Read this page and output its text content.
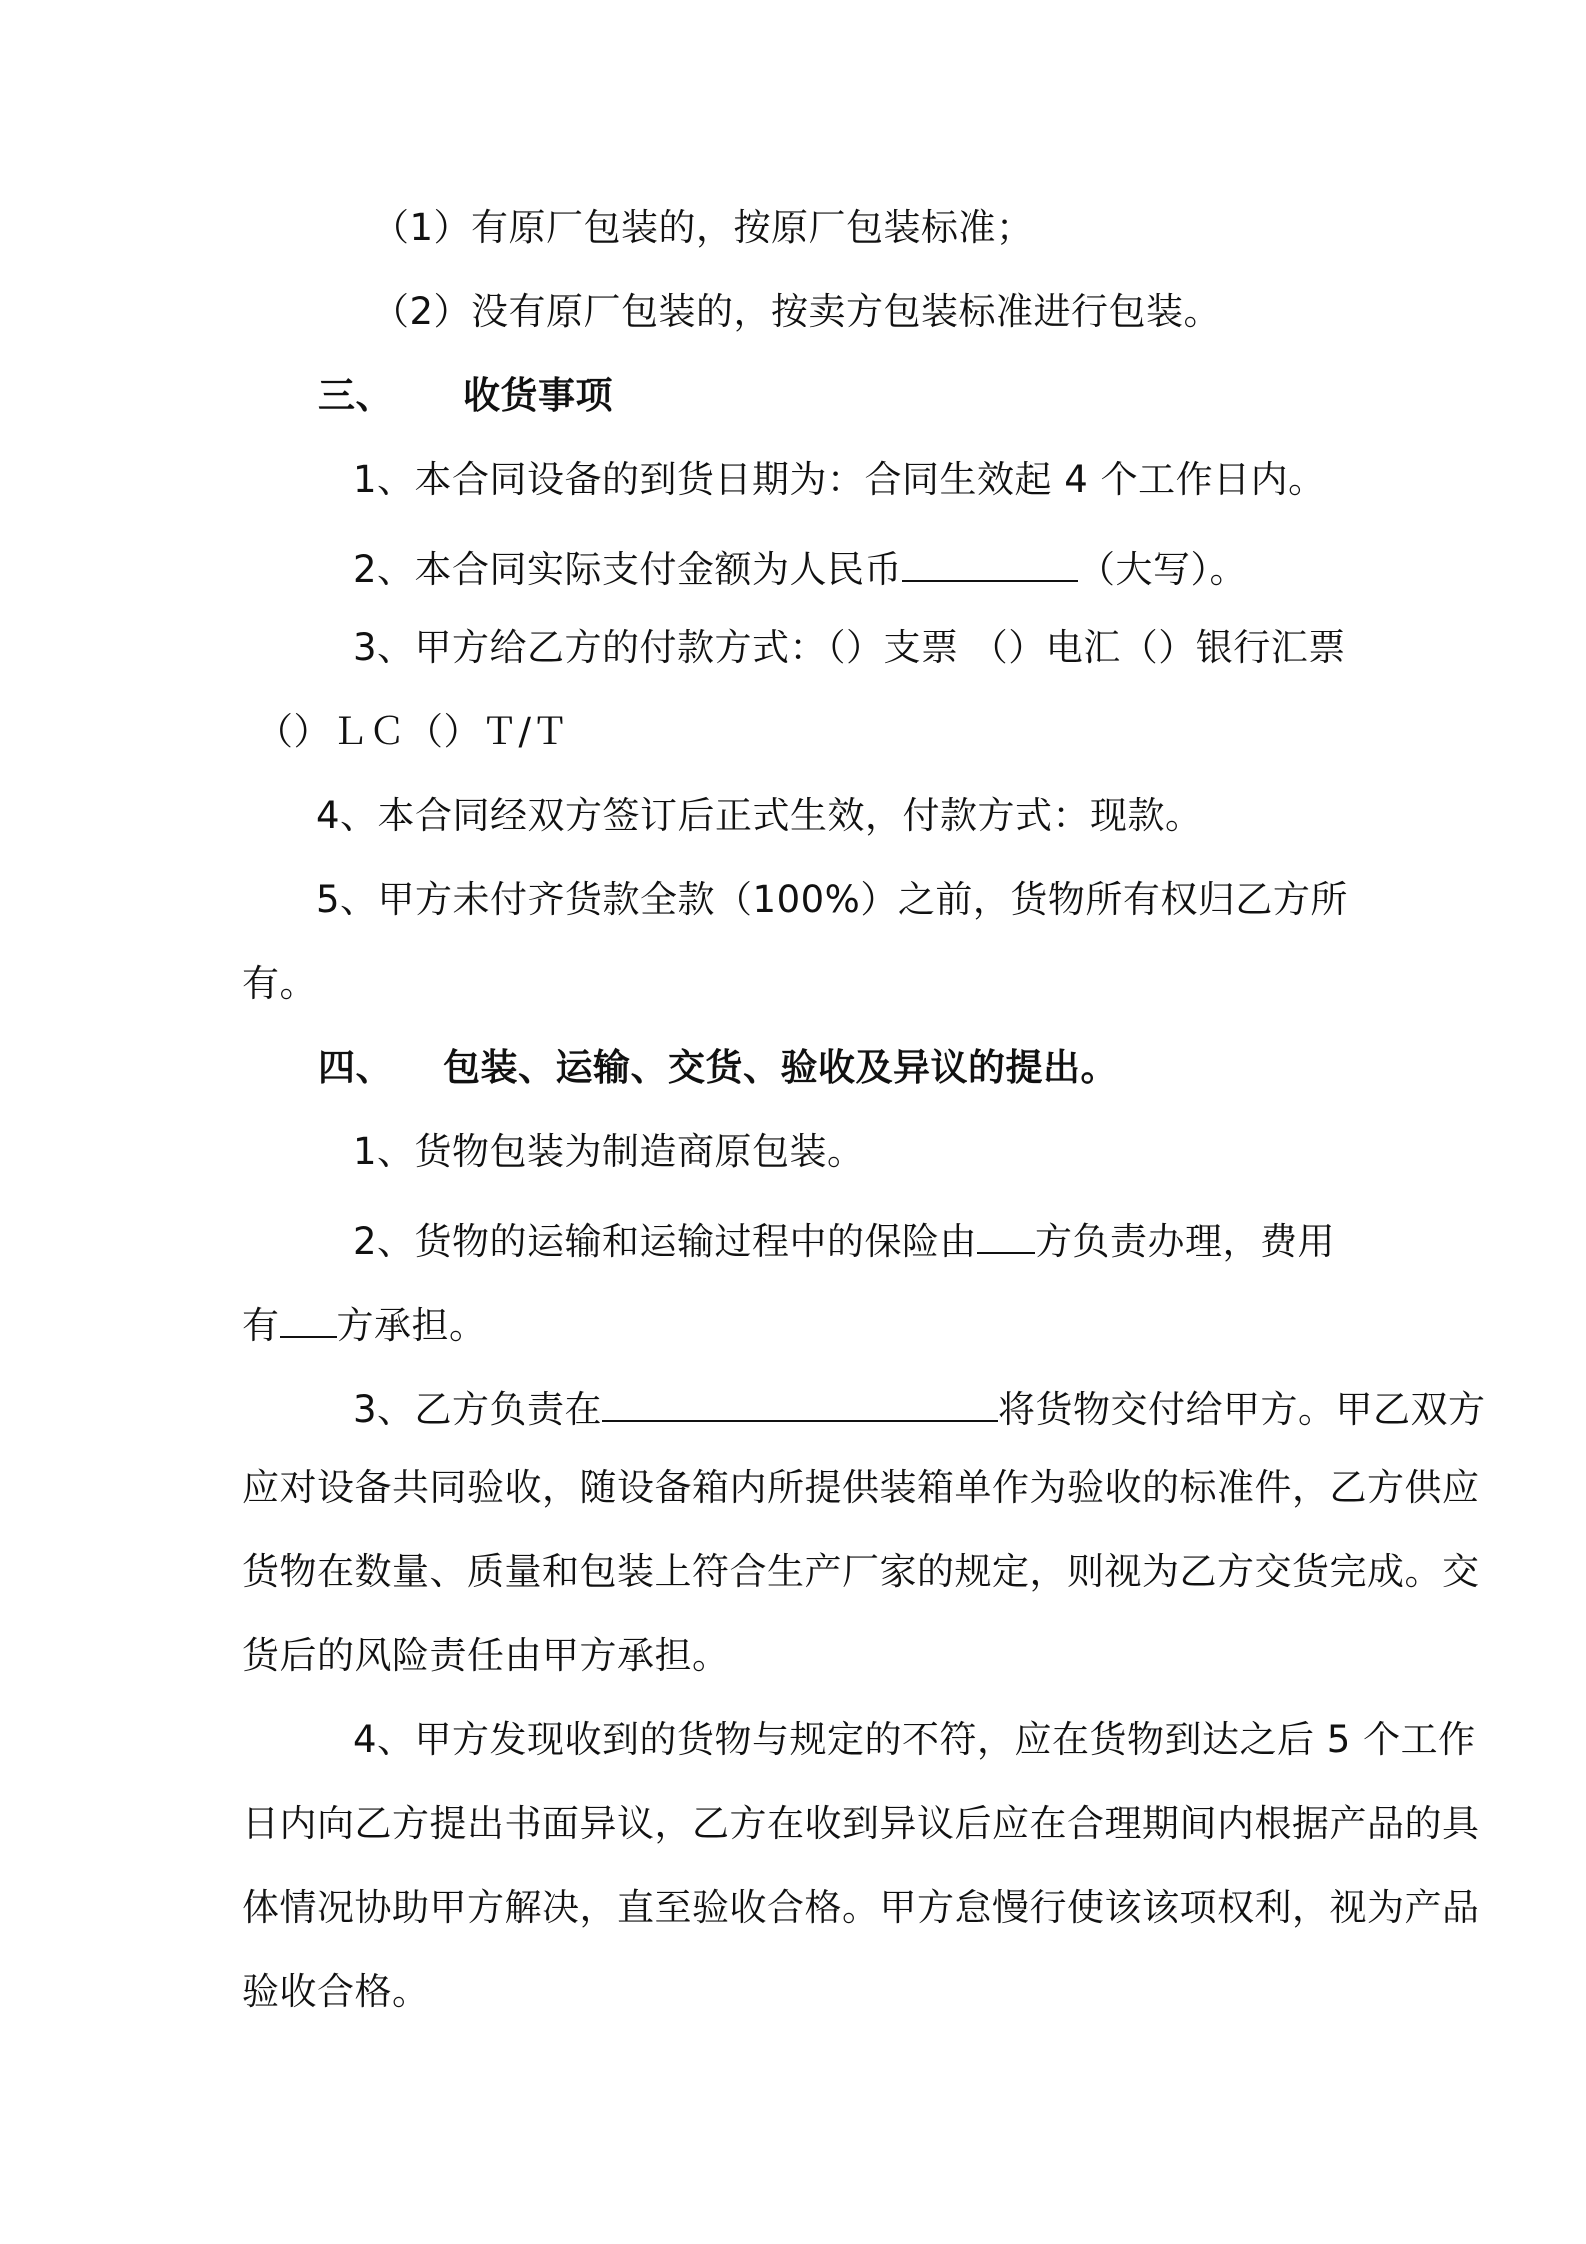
（1）有原厂包装的，按原厂包装标准；
（2）没有原厂包装的，按卖方包装标准进行包装。
三、 收货事项
1、本合同设备的到货日期为：合同生效起 4 个工作日内。
2、本合同实际支付金额为人民币	（大写）。
3、甲方给乙方的付款方式：（）支票 （）电汇（）银行汇票
（）ＬＣ（）Ｔ/Ｔ
4、本合同经双方签订后正式生效，付款方式：现款。
5、甲方未付齐货款全款（100%）之前，货物所有权归乙方所
有。
四、 包装、运输、交货、验收及异议的提出。
1、货物包装为制造商原包装。
2、货物的运输和运输过程中的保险由 方负责办理，费用
有 方承担。
3、乙方负责在	将货物交付给甲方。甲乙双方
应对设备共同验收，随设备箱内所提供装箱单作为验收的标准件，乙方供应
货物在数量、质量和包装上符合生产厂家的规定，则视为乙方交货完成。交
货后的风险责任由甲方承担。
4、甲方发现收到的货物与规定的不符，应在货物到达之后 5 个工作
日内向乙方提出书面异议，乙方在收到异议后应在合理期间内根据产品的具
体情况协助甲方解决，直至验收合格。甲方怠慢行使该该项权利，视为产品
验收合格。
